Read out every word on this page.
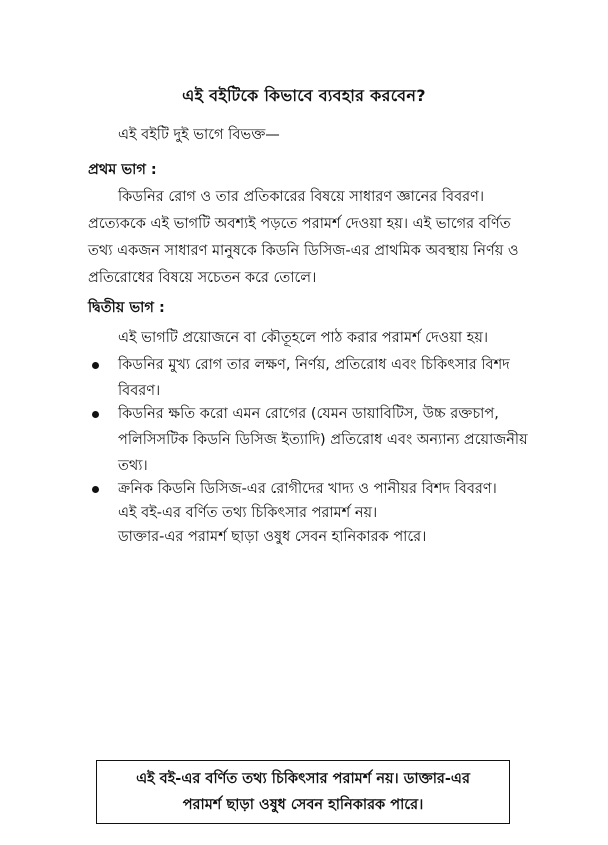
এই বইটিকে কিভাবে ব্যবহার করবেন?
এই বইটি দুই ভাগে বিভক্ত—
প্রথম ভাগ :
কিডনির রোগ ও তার প্রতিকারের বিষয়ে সাধারণ জ্ঞানের বিবরণ।
প্রত্যেককে এই ভাগটি অবশ্যই পড়তে পরামর্শ দেওয়া হয়। এই ভাগের বর্ণিত
তথ্য একজন সাধারণ মানুষকে কিডনি ডিসিজ-এর প্রাথমিক অবস্থায় নির্ণয় ও
প্রতিরোধের বিষয়ে সচেতন করে তোলে।
দ্বিতীয় ভাগ :
এই ভাগটি প্রয়োজনে বা কৌতূহলে পাঠ করার পরামর্শ দেওয়া হয়।
কিডনির মুখ্য রোগ তার লক্ষণ, নির্ণয়, প্রতিরোধ এবং চিকিৎসার বিশদ
বিবরণ।
কিডনির ক্ষতি করো এমন রোগের (যেমন ডায়াবিটিস, উচ্চ রক্তচাপ,
পলিসিসটিক কিডনি ডিসিজ ইত্যাদি) প্রতিরোধ এবং অন্যান্য প্রয়োজনীয়
তথ্য।
ক্রনিক কিডনি ডিসিজ-এর রোগীদের খাদ্য ও পানীয়র বিশদ বিবরণ।
এই বই-এর বর্ণিত তথ্য চিকিৎসার পরামর্শ নয়।
ডাক্তার-এর পরামর্শ ছাড়া ওষুধ সেবন হানিকারক পারে।
এই বই-এর বর্ণিত তথ্য চিকিৎসার পরামর্শ নয়। ডাক্তার-এর
পরামর্শ ছাড়া ওষুধ সেবন হানিকারক পারে।
